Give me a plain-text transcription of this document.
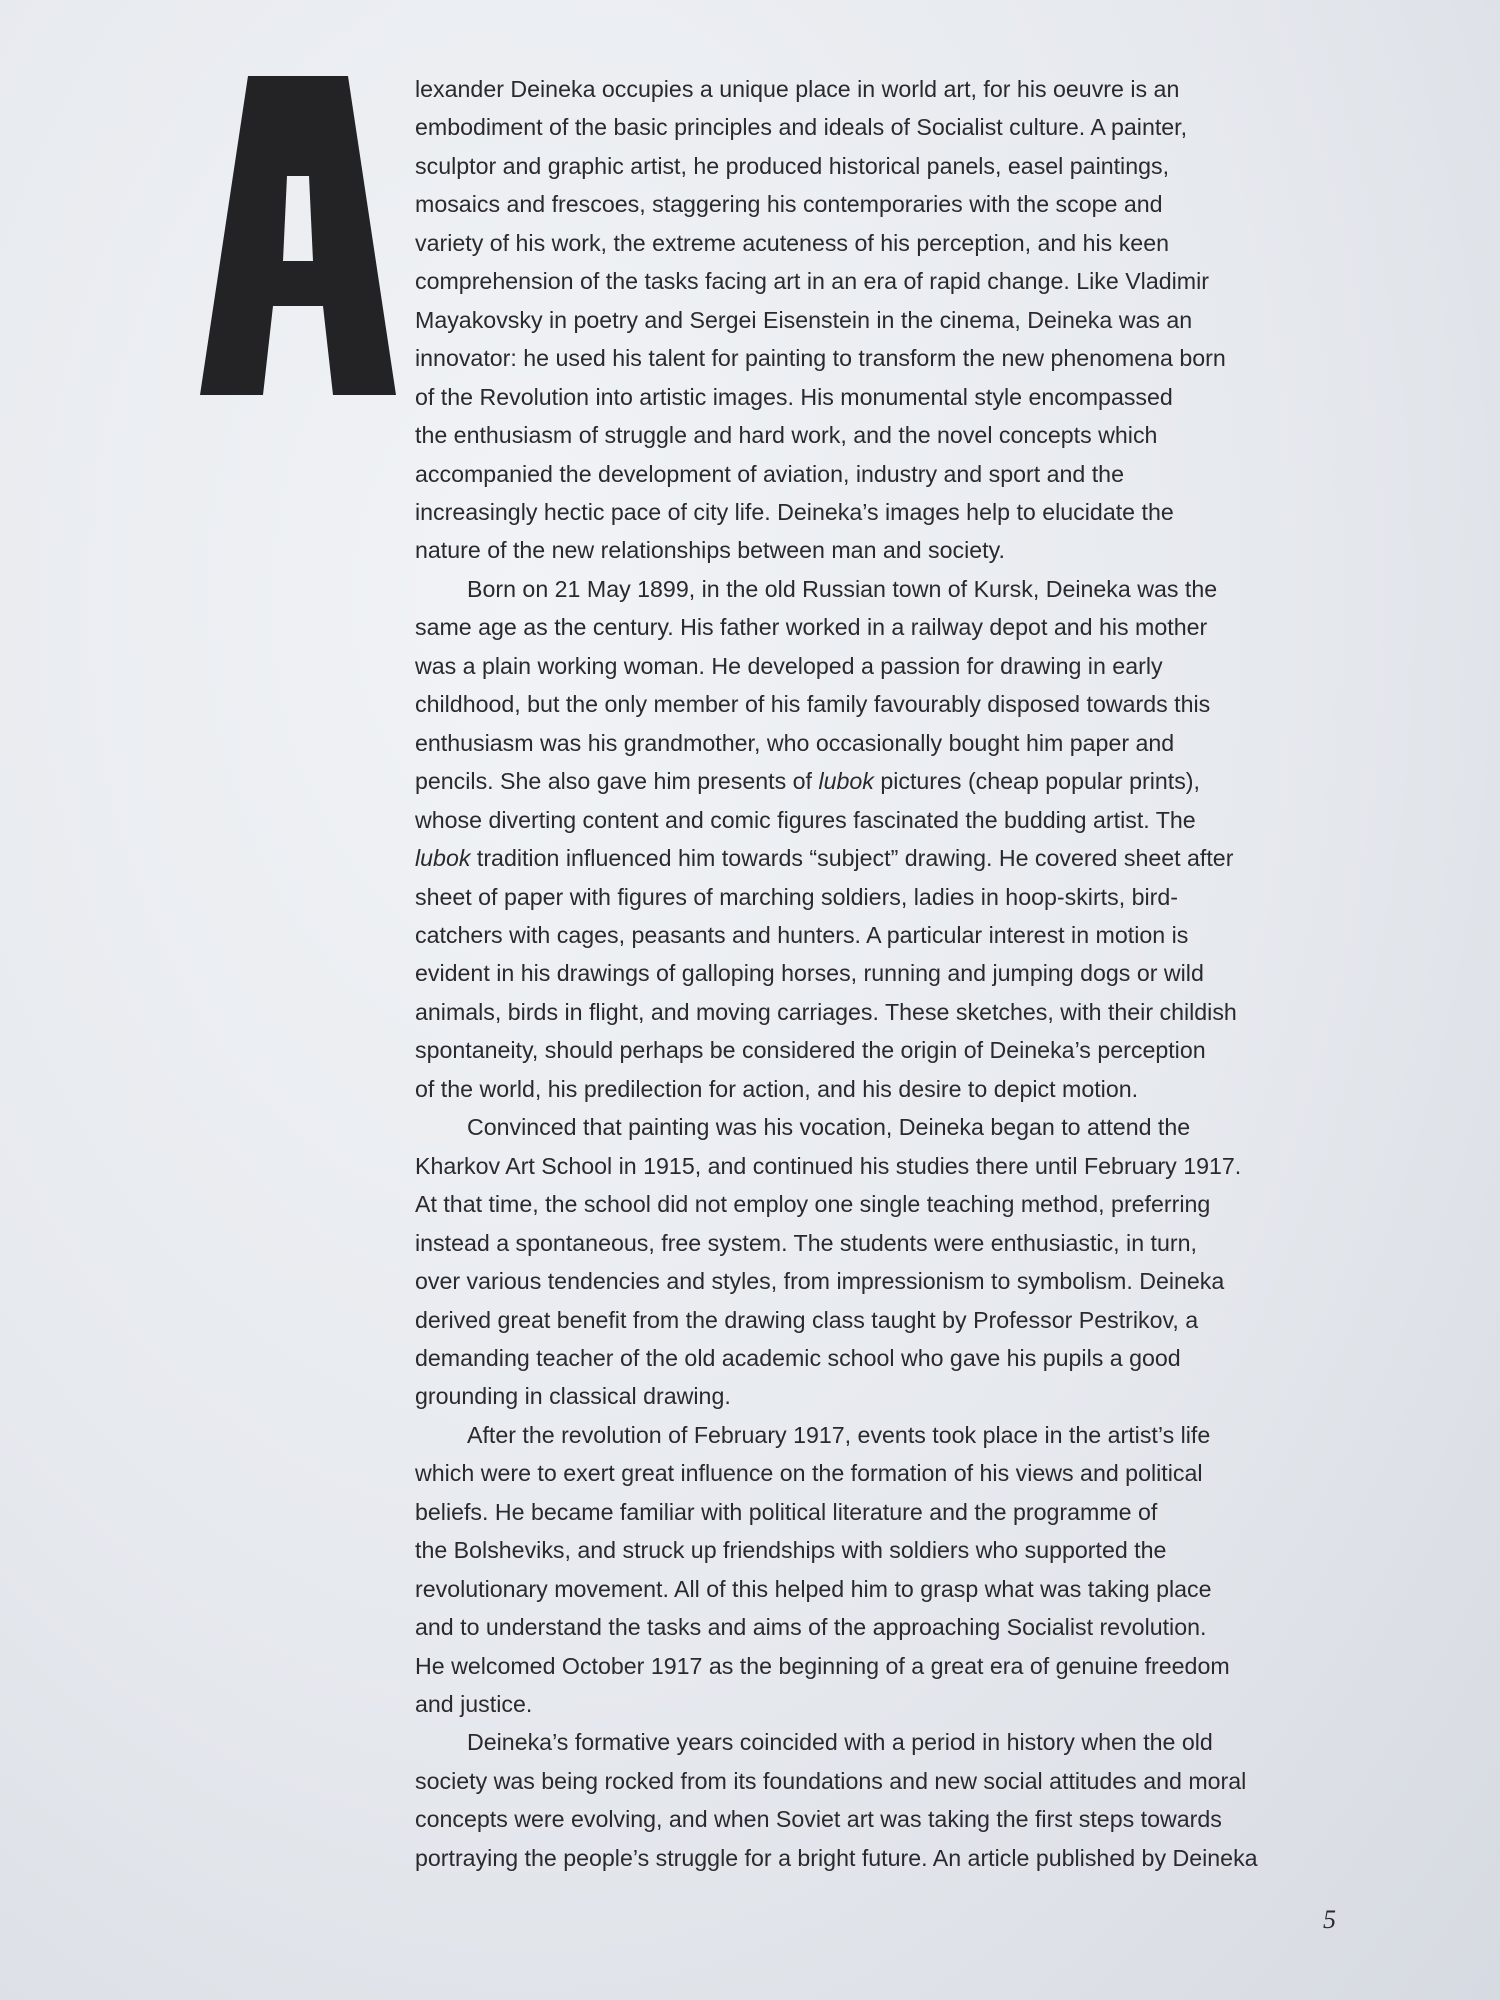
lexander Deineka occupies a unique place in world art, for his oeuvre is an
embodiment of the basic principles and ideals of Socialist culture. A painter,
sculptor and graphic artist, he produced historical panels, easel paintings,
mosaics and frescoes, staggering his contemporaries with the scope and
variety of his work, the extreme acuteness of his perception, and his keen
comprehension of the tasks facing art in an era of rapid change. Like Vladimir
Mayakovsky in poetry and Sergei Eisenstein in the cinema, Deineka was an
innovator: he used his talent for painting to transform the new phenomena born
of the Revolution into artistic images. His monumental style encompassed
the enthusiasm of struggle and hard work, and the novel concepts which
accompanied the development of aviation, industry and sport and the
increasingly hectic pace of city life. Deineka’s images help to elucidate the
nature of the new relationships between man and society.
Born on 21 May 1899, in the old Russian town of Kursk, Deineka was the
same age as the century. His father worked in a railway depot and his mother
was a plain working woman. He developed a passion for drawing in early
childhood, but the only member of his family favourably disposed towards this
enthusiasm was his grandmother, who occasionally bought him paper and
pencils. She also gave him presents of lubok pictures (cheap popular prints),
whose diverting content and comic figures fascinated the budding artist. The
lubok tradition influenced him towards “subject” drawing. He covered sheet after
sheet of paper with figures of marching soldiers, ladies in hoop-skirts, bird-
catchers with cages, peasants and hunters. A particular interest in motion is
evident in his drawings of galloping horses, running and jumping dogs or wild
animals, birds in flight, and moving carriages. These sketches, with their childish
spontaneity, should perhaps be considered the origin of Deineka’s perception
of the world, his predilection for action, and his desire to depict motion.
Convinced that painting was his vocation, Deineka began to attend the
Kharkov Art School in 1915, and continued his studies there until February 1917.
At that time, the school did not employ one single teaching method, preferring
instead a spontaneous, free system. The students were enthusiastic, in turn,
over various tendencies and styles, from impressionism to symbolism. Deineka
derived great benefit from the drawing class taught by Professor Pestrikov, a
demanding teacher of the old academic school who gave his pupils a good
grounding in classical drawing.
After the revolution of February 1917, events took place in the artist’s life
which were to exert great influence on the formation of his views and political
beliefs. He became familiar with political literature and the programme of
the Bolsheviks, and struck up friendships with soldiers who supported the
revolutionary movement. All of this helped him to grasp what was taking place
and to understand the tasks and aims of the approaching Socialist revolution.
He welcomed October 1917 as the beginning of a great era of genuine freedom
and justice.
Deineka’s formative years coincided with a period in history when the old
society was being rocked from its foundations and new social attitudes and moral
concepts were evolving, and when Soviet art was taking the first steps towards
portraying the people’s struggle for a bright future. An article published by Deineka
5
